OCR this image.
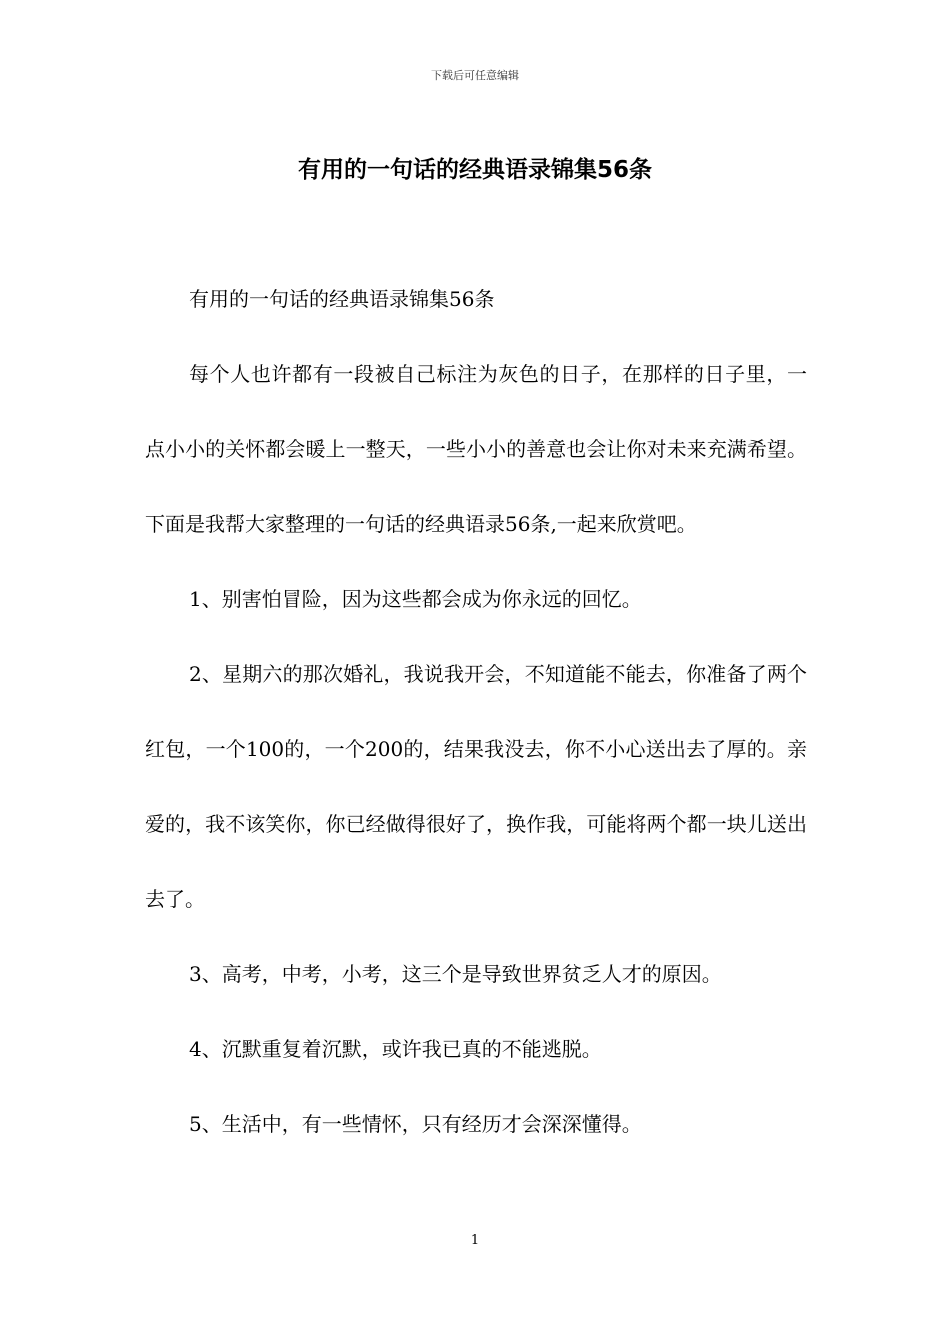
下载后可任意编辑
有用的一句话的经典语录锦集56条

有用的一句话的经典语录锦集56条

每个人也许都有一段被自己标注为灰色的日子，在那样的日子里，一点小小的关怀都会暖上一整天，一些小小的善意也会让你对未来充满希望。下面是我帮大家整理的一句话的经典语录56条,一起来欣赏吧。

1、别害怕冒险，因为这些都会成为你永远的回忆。

2、星期六的那次婚礼，我说我开会，不知道能不能去，你准备了两个红包，一个100的，一个200的，结果我没去，你不小心送出去了厚的。亲爱的，我不该笑你，你已经做得很好了，换作我，可能将两个都一块儿送出去了。

3、高考，中考，小考，这三个是导致世界贫乏人才的原因。

4、沉默重复着沉默，或许我已真的不能逃脱。

5、生活中，有一些情怀，只有经历才会深深懂得。

1
